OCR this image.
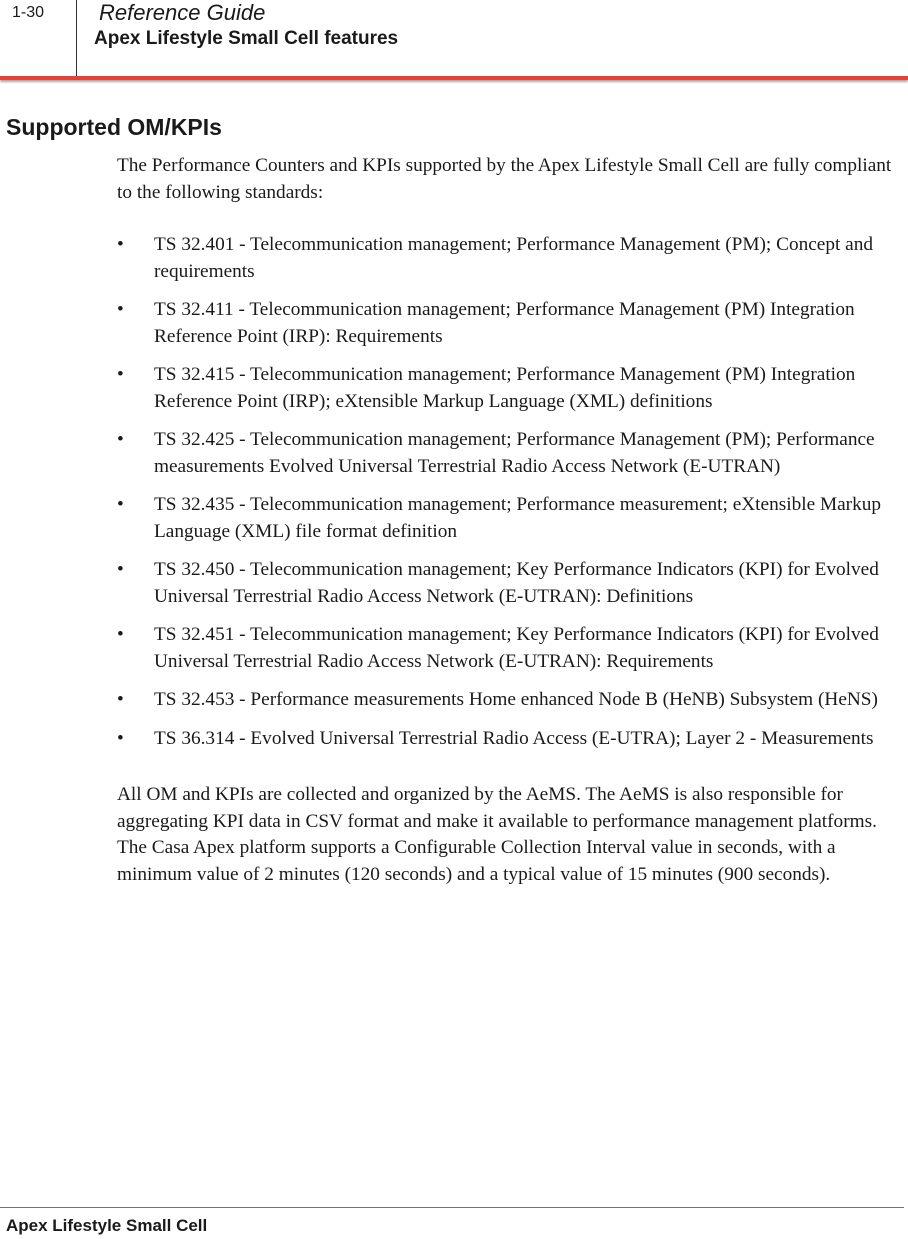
1-30 Reference Guide
Apex Lifestyle Small Cell features
Supported OM/KPIs

The Performance Counters and KPIs supported by the Apex Lifestyle Small Cell are fully compliant to the following standards:

• TS 32.401 - Telecommunication management; Performance Management (PM); Concept and requirements
• TS 32.411 - Telecommunication management; Performance Management (PM) Integration Reference Point (IRP): Requirements
• TS 32.415 - Telecommunication management; Performance Management (PM) Integration Reference Point (IRP); eXtensible Markup Language (XML) definitions
• TS 32.425 - Telecommunication management; Performance Management (PM); Performance measurements Evolved Universal Terrestrial Radio Access Network (E-UTRAN)
• TS 32.435 - Telecommunication management; Performance measurement; eXtensible Markup Language (XML) file format definition
• TS 32.450 - Telecommunication management; Key Performance Indicators (KPI) for Evolved Universal Terrestrial Radio Access Network (E-UTRAN): Definitions
• TS 32.451 - Telecommunication management; Key Performance Indicators (KPI) for Evolved Universal Terrestrial Radio Access Network (E-UTRAN): Requirements
• TS 32.453 - Performance measurements Home enhanced Node B (HeNB) Subsystem (HeNS)
• TS 36.314 - Evolved Universal Terrestrial Radio Access (E-UTRA); Layer 2 - Measurements

All OM and KPIs are collected and organized by the AeMS. The AeMS is also responsible for aggregating KPI data in CSV format and make it available to performance management platforms. The Casa Apex platform supports a Configurable Collection Interval value in seconds, with a minimum value of 2 minutes (120 seconds) and a typical value of 15 minutes (900 seconds).

Apex Lifestyle Small Cell
